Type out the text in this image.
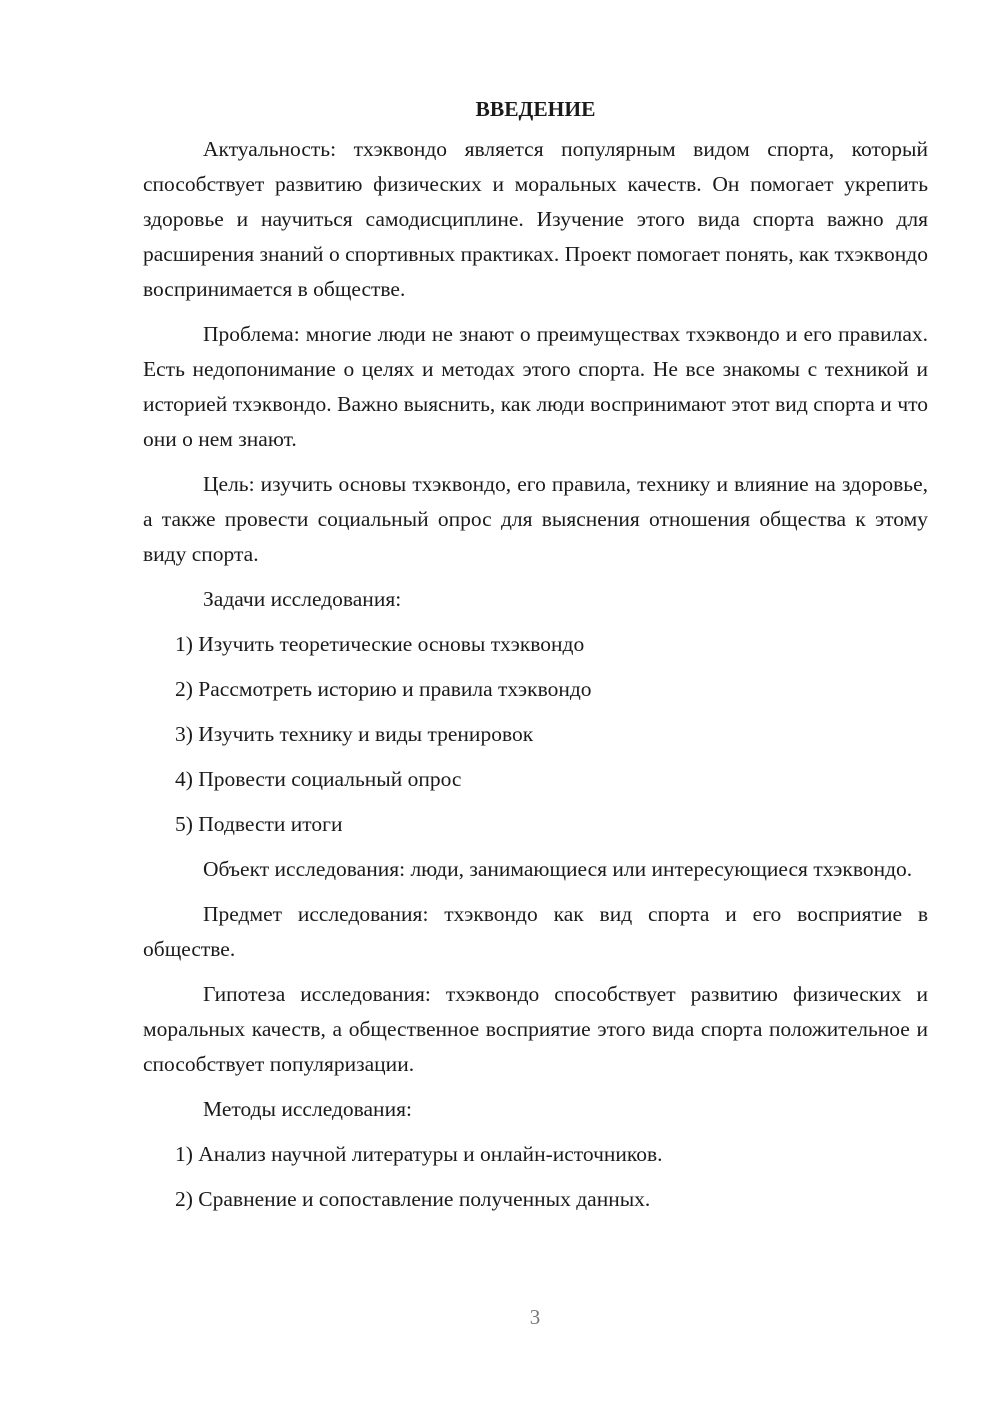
ВВЕДЕНИЕ

Актуальность: тхэквондо является популярным видом спорта, который способствует развитию физических и моральных качеств. Он помогает укрепить здоровье и научиться самодисциплине. Изучение этого вида спорта важно для расширения знаний о спортивных практиках. Проект помогает понять, как тхэквондо воспринимается в обществе.

Проблема: многие люди не знают о преимуществах тхэквондо и его правилах. Есть недопонимание о целях и методах этого спорта. Не все знакомы с техникой и историей тхэквондо. Важно выяснить, как люди воспринимают этот вид спорта и что они о нем знают.

Цель: изучить основы тхэквондо, его правила, технику и влияние на здоровье, а также провести социальный опрос для выяснения отношения общества к этому виду спорта.

Задачи исследования:

1) Изучить теоретические основы тхэквондо

2) Рассмотреть историю и правила тхэквондо

3) Изучить технику и виды тренировок

4) Провести социальный опрос

5) Подвести итоги

Объект исследования: люди, занимающиеся или интересующиеся тхэквондо.

Предмет исследования: тхэквондо как вид спорта и его восприятие в обществе.

Гипотеза исследования: тхэквондо способствует развитию физических и моральных качеств, а общественное восприятие этого вида спорта положительное и способствует популяризации.

Методы исследования:

1) Анализ научной литературы и онлайн-источников.

2) Сравнение и сопоставление полученных данных.

3
